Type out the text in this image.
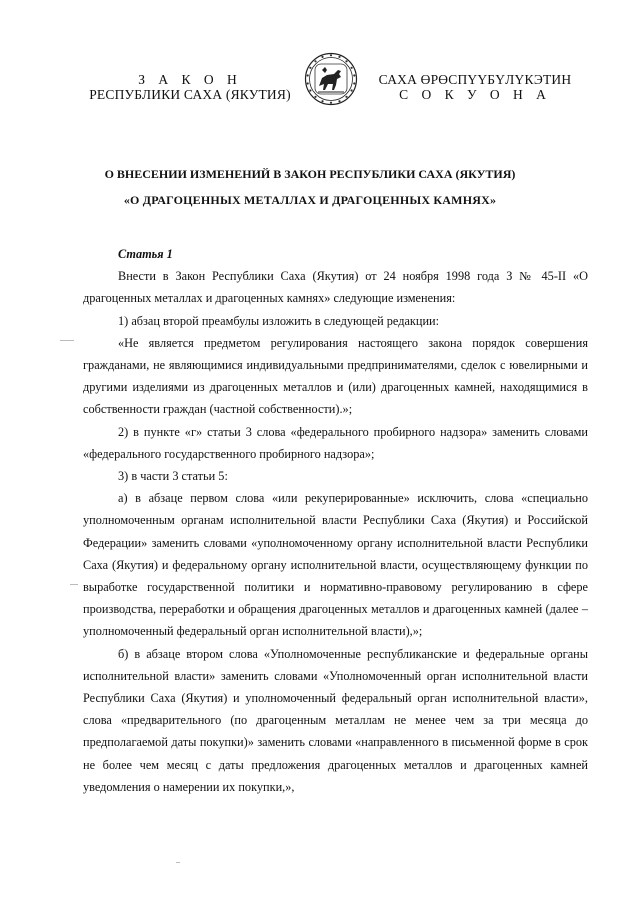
З А К О Н
РЕСПУБЛИКИ САХА (ЯКУТИЯ)
САХА ӨРӨСПҮҮБҮЛҮКЭТИН
С О К У О Н А
О ВНЕСЕНИИ ИЗМЕНЕНИЙ В ЗАКОН РЕСПУБЛИКИ САХА (ЯКУТИЯ)
«О ДРАГОЦЕННЫХ МЕТАЛЛАХ И ДРАГОЦЕННЫХ КАМНЯХ»

Статья 1

Внести в Закон Республики Саха (Якутия) от 24 ноября 1998 года З № 45-II «О драгоценных металлах и драгоценных камнях» следующие изменения:

1) абзац второй преамбулы изложить в следующей редакции:

«Не является предметом регулирования настоящего закона порядок совершения гражданами, не являющимися индивидуальными предпринимателями, сделок с ювелирными и другими изделиями из драгоценных металлов и (или) драгоценных камней, находящимися в собственности граждан (частной собственности).»;

2) в пункте «г» статьи 3 слова «федерального пробирного надзора» заменить словами «федерального государственного пробирного надзора»;

3) в части 3 статьи 5:

а) в абзаце первом слова «или рекуперированные» исключить, слова «специально уполномоченным органам исполнительной власти Республики Саха (Якутия) и Российской Федерации» заменить словами «уполномоченному органу исполнительной власти Республики Саха (Якутия) и федеральному органу исполнительной власти, осуществляющему функции по выработке государственной политики и нормативно-правовому регулированию в сфере производства, переработки и обращения драгоценных металлов и драгоценных камней (далее – уполномоченный федеральный орган исполнительной власти),»;

б) в абзаце втором слова «Уполномоченные республиканские и федеральные органы исполнительной власти» заменить словами «Уполномоченный орган исполнительной власти Республики Саха (Якутия) и уполномоченный федеральный орган исполнительной власти», слова «предварительного (по драгоценным металлам не менее чем за три месяца до предполагаемой даты покупки)» заменить словами «направленного в письменной форме в срок не более чем месяц с даты предложения драгоценных металлов и драгоценных камней уведомления о намерении их покупки,»,
